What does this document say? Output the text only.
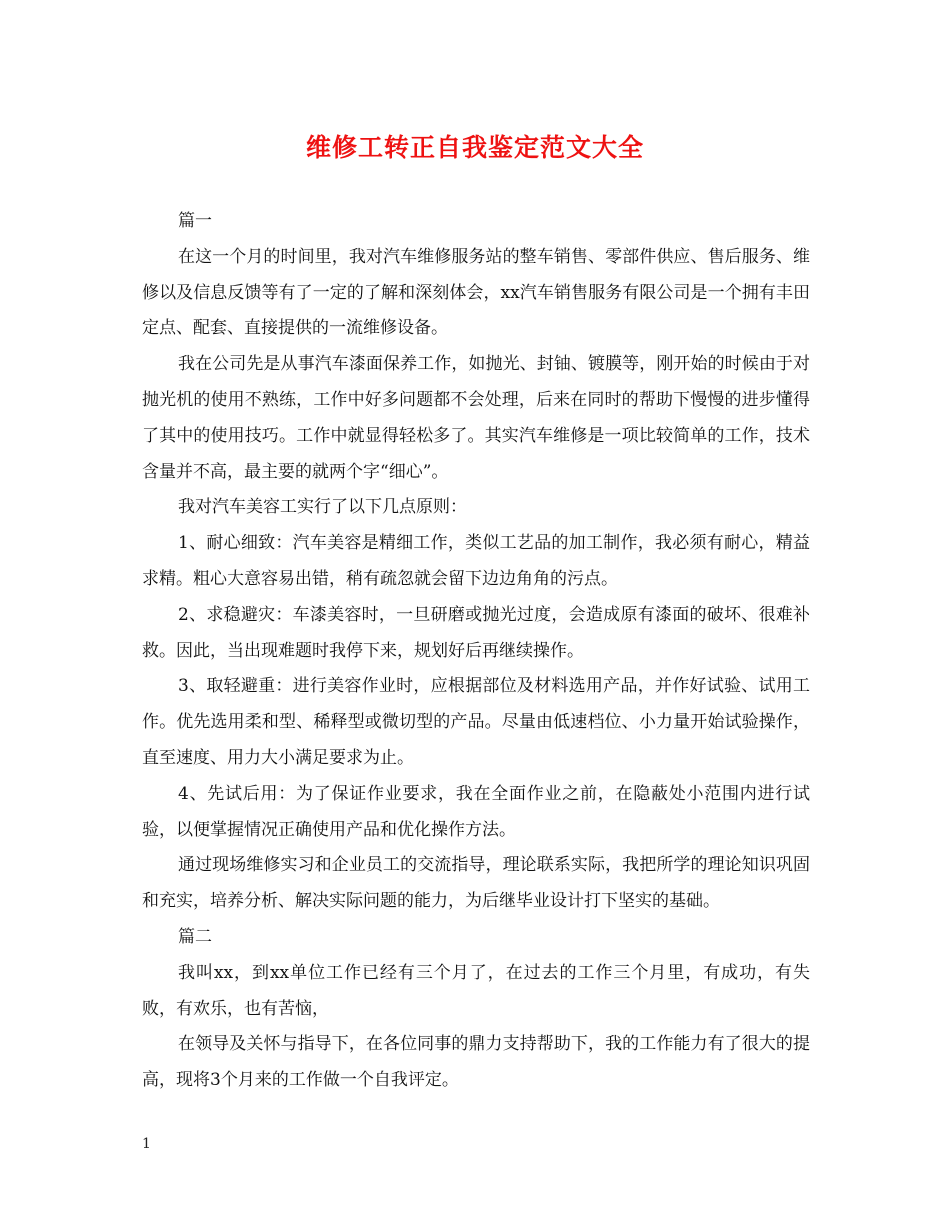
维修工转正自我鉴定范文大全

篇一

在这一个月的时间里，我对汽车维修服务站的整车销售、零部件供应、售后服务、维修以及信息反馈等有了一定的了解和深刻体会，xx汽车销售服务有限公司是一个拥有丰田定点、配套、直接提供的一流维修设备。

我在公司先是从事汽车漆面保养工作，如抛光、封铀、镀膜等，刚开始的时候由于对抛光机的使用不熟练，工作中好多问题都不会处理，后来在同时的帮助下慢慢的进步懂得了其中的使用技巧。工作中就显得轻松多了。其实汽车维修是一项比较简单的工作，技术含量并不高，最主要的就两个字“细心”。

我对汽车美容工实行了以下几点原则：

1、耐心细致：汽车美容是精细工作，类似工艺品的加工制作，我必须有耐心，精益求精。粗心大意容易出错，稍有疏忽就会留下边边角角的污点。

2、求稳避灾：车漆美容时，一旦研磨或抛光过度，会造成原有漆面的破坏、很难补救。因此，当出现难题时我停下来，规划好后再继续操作。

3、取轻避重：进行美容作业时，应根据部位及材料选用产品，并作好试验、试用工作。优先选用柔和型、稀释型或微切型的产品。尽量由低速档位、小力量开始试验操作，直至速度、用力大小满足要求为止。

4、先试后用：为了保证作业要求，我在全面作业之前，在隐蔽处小范围内进行试验，以便掌握情况正确使用产品和优化操作方法。

通过现场维修实习和企业员工的交流指导，理论联系实际，我把所学的理论知识巩固和充实，培养分析、解决实际问题的能力，为后继毕业设计打下坚实的基础。

篇二

我叫xx，到xx单位工作已经有三个月了，在过去的工作三个月里，有成功，有失败，有欢乐，也有苦恼，

在领导及关怀与指导下，在各位同事的鼎力支持帮助下，我的工作能力有了很大的提高，现将3个月来的工作做一个自我评定。

1
